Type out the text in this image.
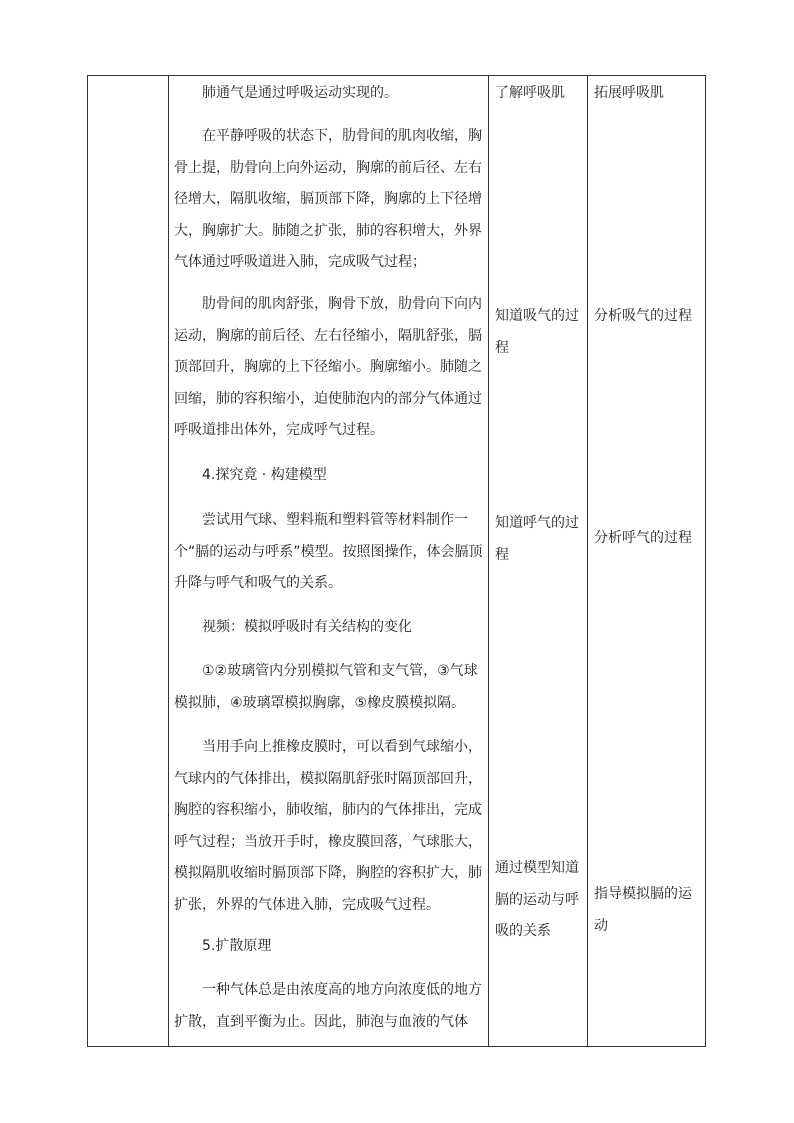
肺通气是通过呼吸运动实现的。

在平静呼吸的状态下，肋骨间的肌肉收缩，胸骨上提，肋骨向上向外运动，胸廓的前后径、左右径增大，隔肌收缩，膈顶部下降，胸廓的上下径增大，胸廓扩大。肺随之扩张，肺的容积增大，外界气体通过呼吸道进入肺，完成吸气过程；

肋骨间的肌肉舒张，胸骨下放，肋骨向下向内运动，胸廓的前后径、左右径缩小，隔肌舒张，膈顶部回升，胸廓的上下径缩小。胸廓缩小。肺随之回缩，肺的容积缩小，迫使肺泡内的部分气体通过呼吸道排出体外，完成呼气过程。

4.探究竟 · 构建模型

尝试用气球、塑料瓶和塑料管等材料制作一个“膈的运动与呼系”模型。按照图操作，体会膈顶升降与呼气和吸气的关系。

视频：模拟呼吸时有关结构的变化

①②玻璃管内分别模拟气管和支气管，③气球模拟肺，④玻璃罩模拟胸廓，⑤橡皮膜模拟隔。

当用手向上推橡皮膜时，可以看到气球缩小，气球内的气体排出，模拟隔肌舒张时隔顶部回升，胸腔的容积缩小，肺收缩，肺内的气体排出，完成呼气过程；当放开手时，橡皮膜回落，气球胀大，模拟隔肌收缩时膈顶部下降，胸腔的容积扩大，肺扩张，外界的气体进入肺，完成吸气过程。

5.扩散原理

一种气体总是由浓度高的地方向浓度低的地方扩散，直到平衡为止。因此，肺泡与血液的气体

了解呼吸肌

知道吸气的过程

知道呼气的过程

通过模型知道膈的运动与呼吸的关系

拓展呼吸肌

分析吸气的过程

分析呼气的过程

指导模拟膈的运动
